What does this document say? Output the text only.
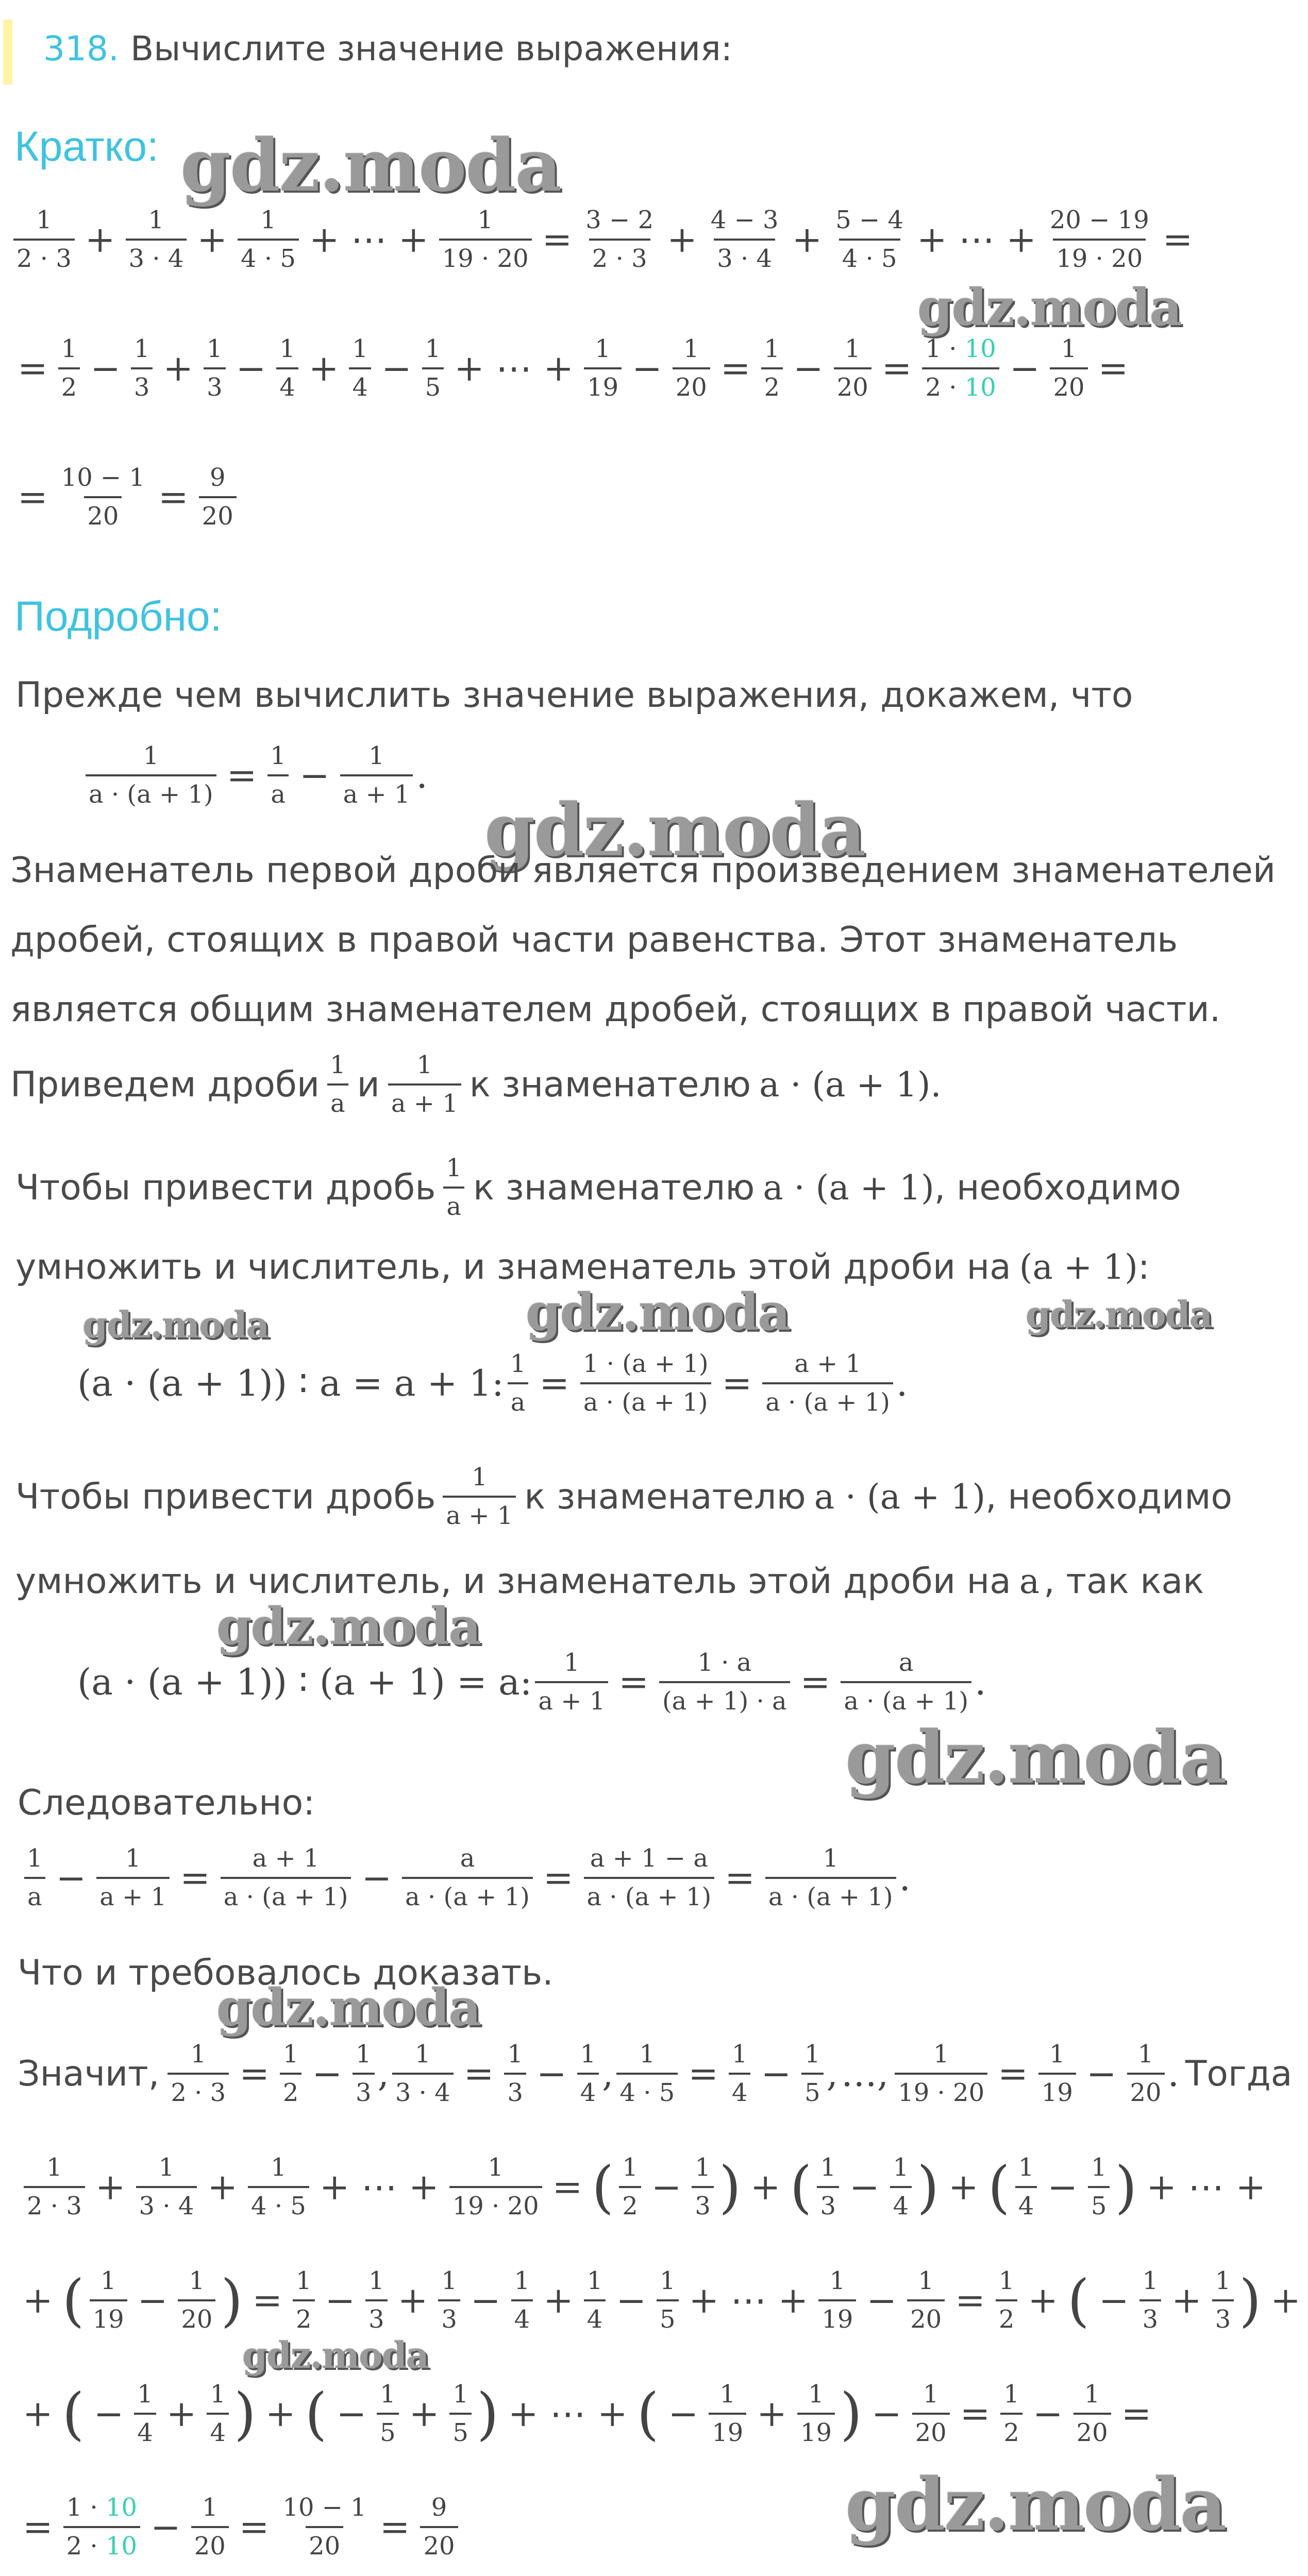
318. Вычислите значение выражения:
Кратко: gdz.moda
1
$2 \cdot 3 + \frac{1}{3 \cdot 4} + \frac{1}{4 \cdot 5}$ + ⋯ + $\frac{1}{19 \cdot 20} = \frac{3 - 2}{2 \cdot 3} + \frac{4 - 3}{3 \cdot 4} + \frac{5 - 4}{4 \cdot 5}$ + ⋯ + $\frac{20 - 19}{19 \cdot 20}$ =
gdz.moda
= $\frac{1}{2} - \frac{1}{3} + \frac{1}{3} - \frac{1}{4} + \frac{1}{4} - \frac{1}{5}$ + ⋯ + $\frac{1}{19} - \frac{1}{20} = \frac{1}{2} - \frac{1}{20} = \frac{1 \cdot 10}{2 \cdot 10} - \frac{1}{20}$ =
= $\frac{10 - 1}{20} = \frac{9}{20}$
Подробно:
Прежде чем вычислить значение выражения, докажем, что
$\frac{1}{a \cdot (a + 1)} = \frac{1}{a} - \frac{1}{a + 1}$ .
gdz.moda
Знаменатель первой дроби является произведением знаменателей
дробей, стоящих в правой части равенства. Этот знаменатель
является общим знаменателем дробей, стоящих в правой части.
Приведем дроби 1
a и 1
a + 1 к знаменателю a · (a + 1) .
Чтобы привести дробь 1
a к знаменателю a · (a + 1) , необходимо
умножить и числитель, и знаменатель этой дроби на (a + 1) :
gdz.moda	gdz.moda	gdz.moda
(a · (a + 1)) ∶ a = a + 1: $\frac{1}{a} = \frac{1 \cdot (a + 1)}{a \cdot (a + 1)} = \frac{a + 1}{a \cdot (a + 1)}$ .
Чтобы привести дробь 1
a + 1 к знаменателю a · (a + 1) , необходимо
умножить и числитель, и знаменатель этой дроби на a , так как
gdz.moda
(a · (a + 1)) ∶ (a + 1) = a: $\frac{1}{a + 1} = \frac{1 \cdot a}{(a + 1) \cdot a} = \frac{a}{a \cdot (a + 1)}$ .
gdz.moda
Следовательно:
1
$a - \frac{1}{a + 1} = \frac{a + 1}{a \cdot (a + 1)} - \frac{a}{a \cdot (a + 1)} = \frac{a + 1 - a}{a \cdot (a + 1)} = \frac{1}{a \cdot (a + 1)}$ .
Что и требовалось доказать.
gdz.moda
Значит, $\frac{1}{2 \cdot 3} = \frac{1}{2} - \frac{1}{3}$ , $\frac{1}{3 \cdot 4} = \frac{1}{3} - \frac{1}{4}$ , $\frac{1}{4 \cdot 5} = \frac{1}{4} - \frac{1}{5}$ , …, $\frac{1}{19 \cdot 20} = \frac{1}{19} - \frac{1}{20}$ . Тогда
1
$2 \cdot 3 + \frac{1}{3 \cdot 4} + \frac{1}{4 \cdot 5}$ + ⋯ + $\frac{1}{19 \cdot 20}$ = ( 1
$2 - \frac{1}{3}$ ) + ( 1
$3 - \frac{1}{4}$ ) + ( 1
$4 - \frac{1}{5}$ ) + ⋯ +
+ ( 1
$19 - \frac{1}{20}$ ) = $\frac{1}{2} - \frac{1}{3} + \frac{1}{3} - \frac{1}{4} + \frac{1}{4} - \frac{1}{5}$ + ⋯ + $\frac{1}{19} - \frac{1}{20} = \frac{1}{2}$ + ( − $\frac{1}{3} + \frac{1}{3}$ ) +
gdz.moda
+ ( − $\frac{1}{4} + \frac{1}{4}$ ) + ( − $\frac{1}{5} + \frac{1}{5}$ ) + ⋯ + ( − $\frac{1}{19} + \frac{1}{19}$ ) − $\frac{1}{20} = \frac{1}{2} - \frac{1}{20}$ =
= $\frac{1 \cdot 10}{2 \cdot 10} - \frac{1}{20} = \frac{10 - 1}{20} = \frac{9}{20}$	gdz.moda
